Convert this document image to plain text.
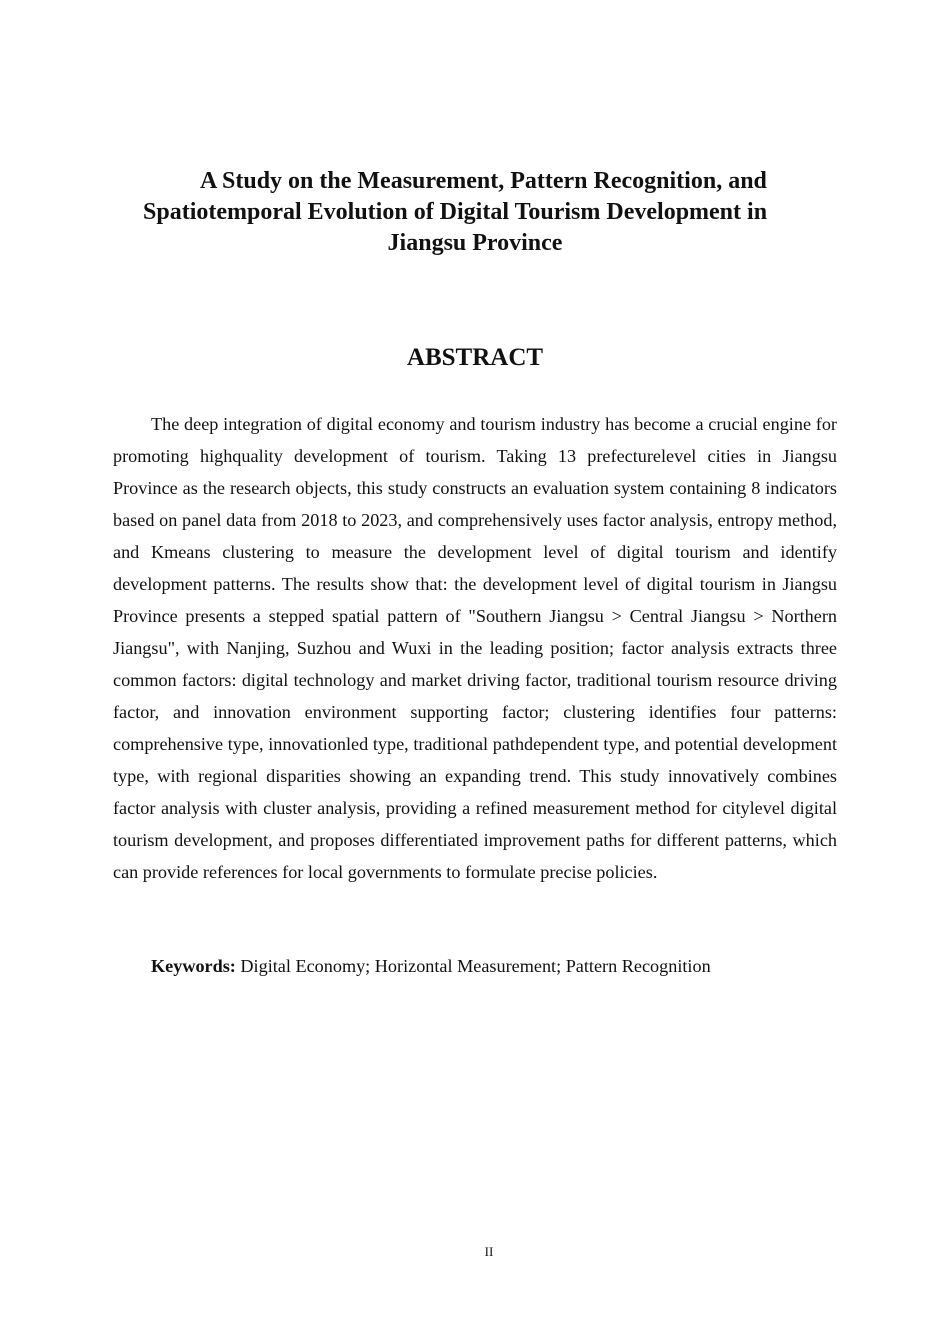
A Study on the Measurement, Pattern Recognition, and
Spatiotemporal Evolution of Digital Tourism Development in
Jiangsu Province
ABSTRACT

The deep integration of digital economy and tourism industry has become a crucial engine for promoting highquality development of tourism. Taking 13 prefecturelevel cities in Jiangsu Province as the research objects, this study constructs an evaluation system containing 8 indicators based on panel data from 2018 to 2023, and comprehensively uses factor analysis, entropy method, and Kmeans clustering to measure the development level of digital tourism and identify development patterns. The results show that: the development level of digital tourism in Jiangsu Province presents a stepped spatial pattern of "Southern Jiangsu > Central Jiangsu > Northern Jiangsu", with Nanjing, Suzhou and Wuxi in the leading position; factor analysis extracts three common factors: digital technology and market driving factor, traditional tourism resource driving factor, and innovation environment supporting factor; clustering identifies four patterns: comprehensive type, innovationled type, traditional pathdependent type, and potential development type, with regional disparities showing an expanding trend. This study innovatively combines factor analysis with cluster analysis, providing a refined measurement method for citylevel digital tourism development, and proposes differentiated improvement paths for different patterns, which can provide references for local governments to formulate precise policies.

Keywords: Digital Economy; Horizontal Measurement; Pattern Recognition
II
